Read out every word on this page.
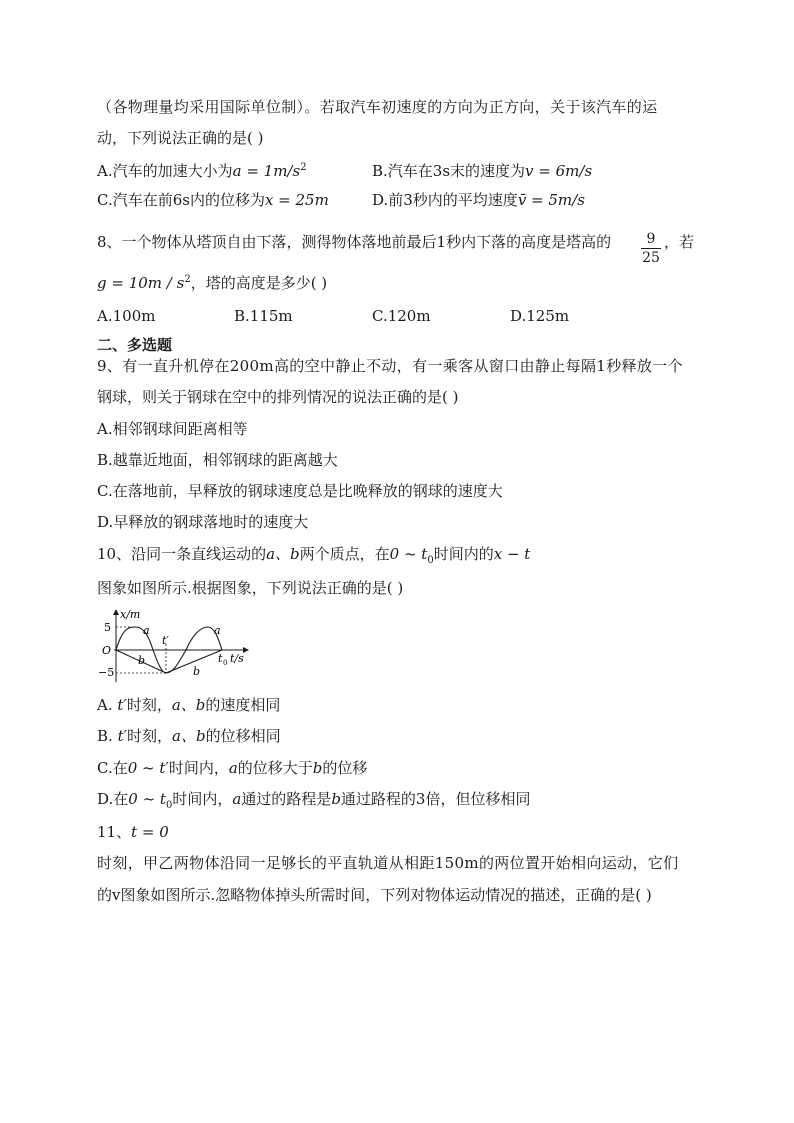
（各物理量均采用国际单位制）。若取汽车初速度的方向为正方向，关于该汽车的运
动，下列说法正确的是( )
A.汽车的加速大小为$a = 1m/s^2$	B.汽车在3s末的速度为v = 6m/s
C.汽车在前6s内的位移为x = 25m	D.前3秒内的平均速度v̄ = 5m/s
8、一个物体从塔顶自由下落，测得物体落地前最后1秒内下落的高度是塔高的 $\frac{9}{25}$ ，若
$g = 10m / s^2$，塔的高度是多少( )
A.100m	B.115m	C.120m	D.125m
二、多选题
9、有一直升机停在200m高的空中静止不动，有一乘客从窗口由静止每隔1秒释放一个
钢球，则关于钢球在空中的排列情况的说法正确的是( )
A.相邻钢球间距离相等
B.越靠近地面，相邻钢球的距离越大
C.在落地前，早释放的钢球速度总是比晚释放的钢球的速度大
D.早释放的钢球落地时的速度大
10、沿同一条直线运动的a、b两个质点，在0 ~ $t_0$时间内的x − t
图象如图所示.根据图象，下列说法正确的是( )
x/m
5
O
−5
a	a
b
b
t′
t 0 t/s
A. t′时刻，a、b的速度相同
B. t′时刻，a、b的位移相同
C.在0 ~ t′时间内，a的位移大于b的位移
D.在0 ~ $t_0$时间内，a通过的路程是b通过路程的3倍，但位移相同
11、t = 0
时刻，甲乙两物体沿同一足够长的平直轨道从相距150m的两位置开始相向运动，它们
的v图象如图所示.忽略物体掉头所需时间，下列对物体运动情况的描述，正确的是( )
